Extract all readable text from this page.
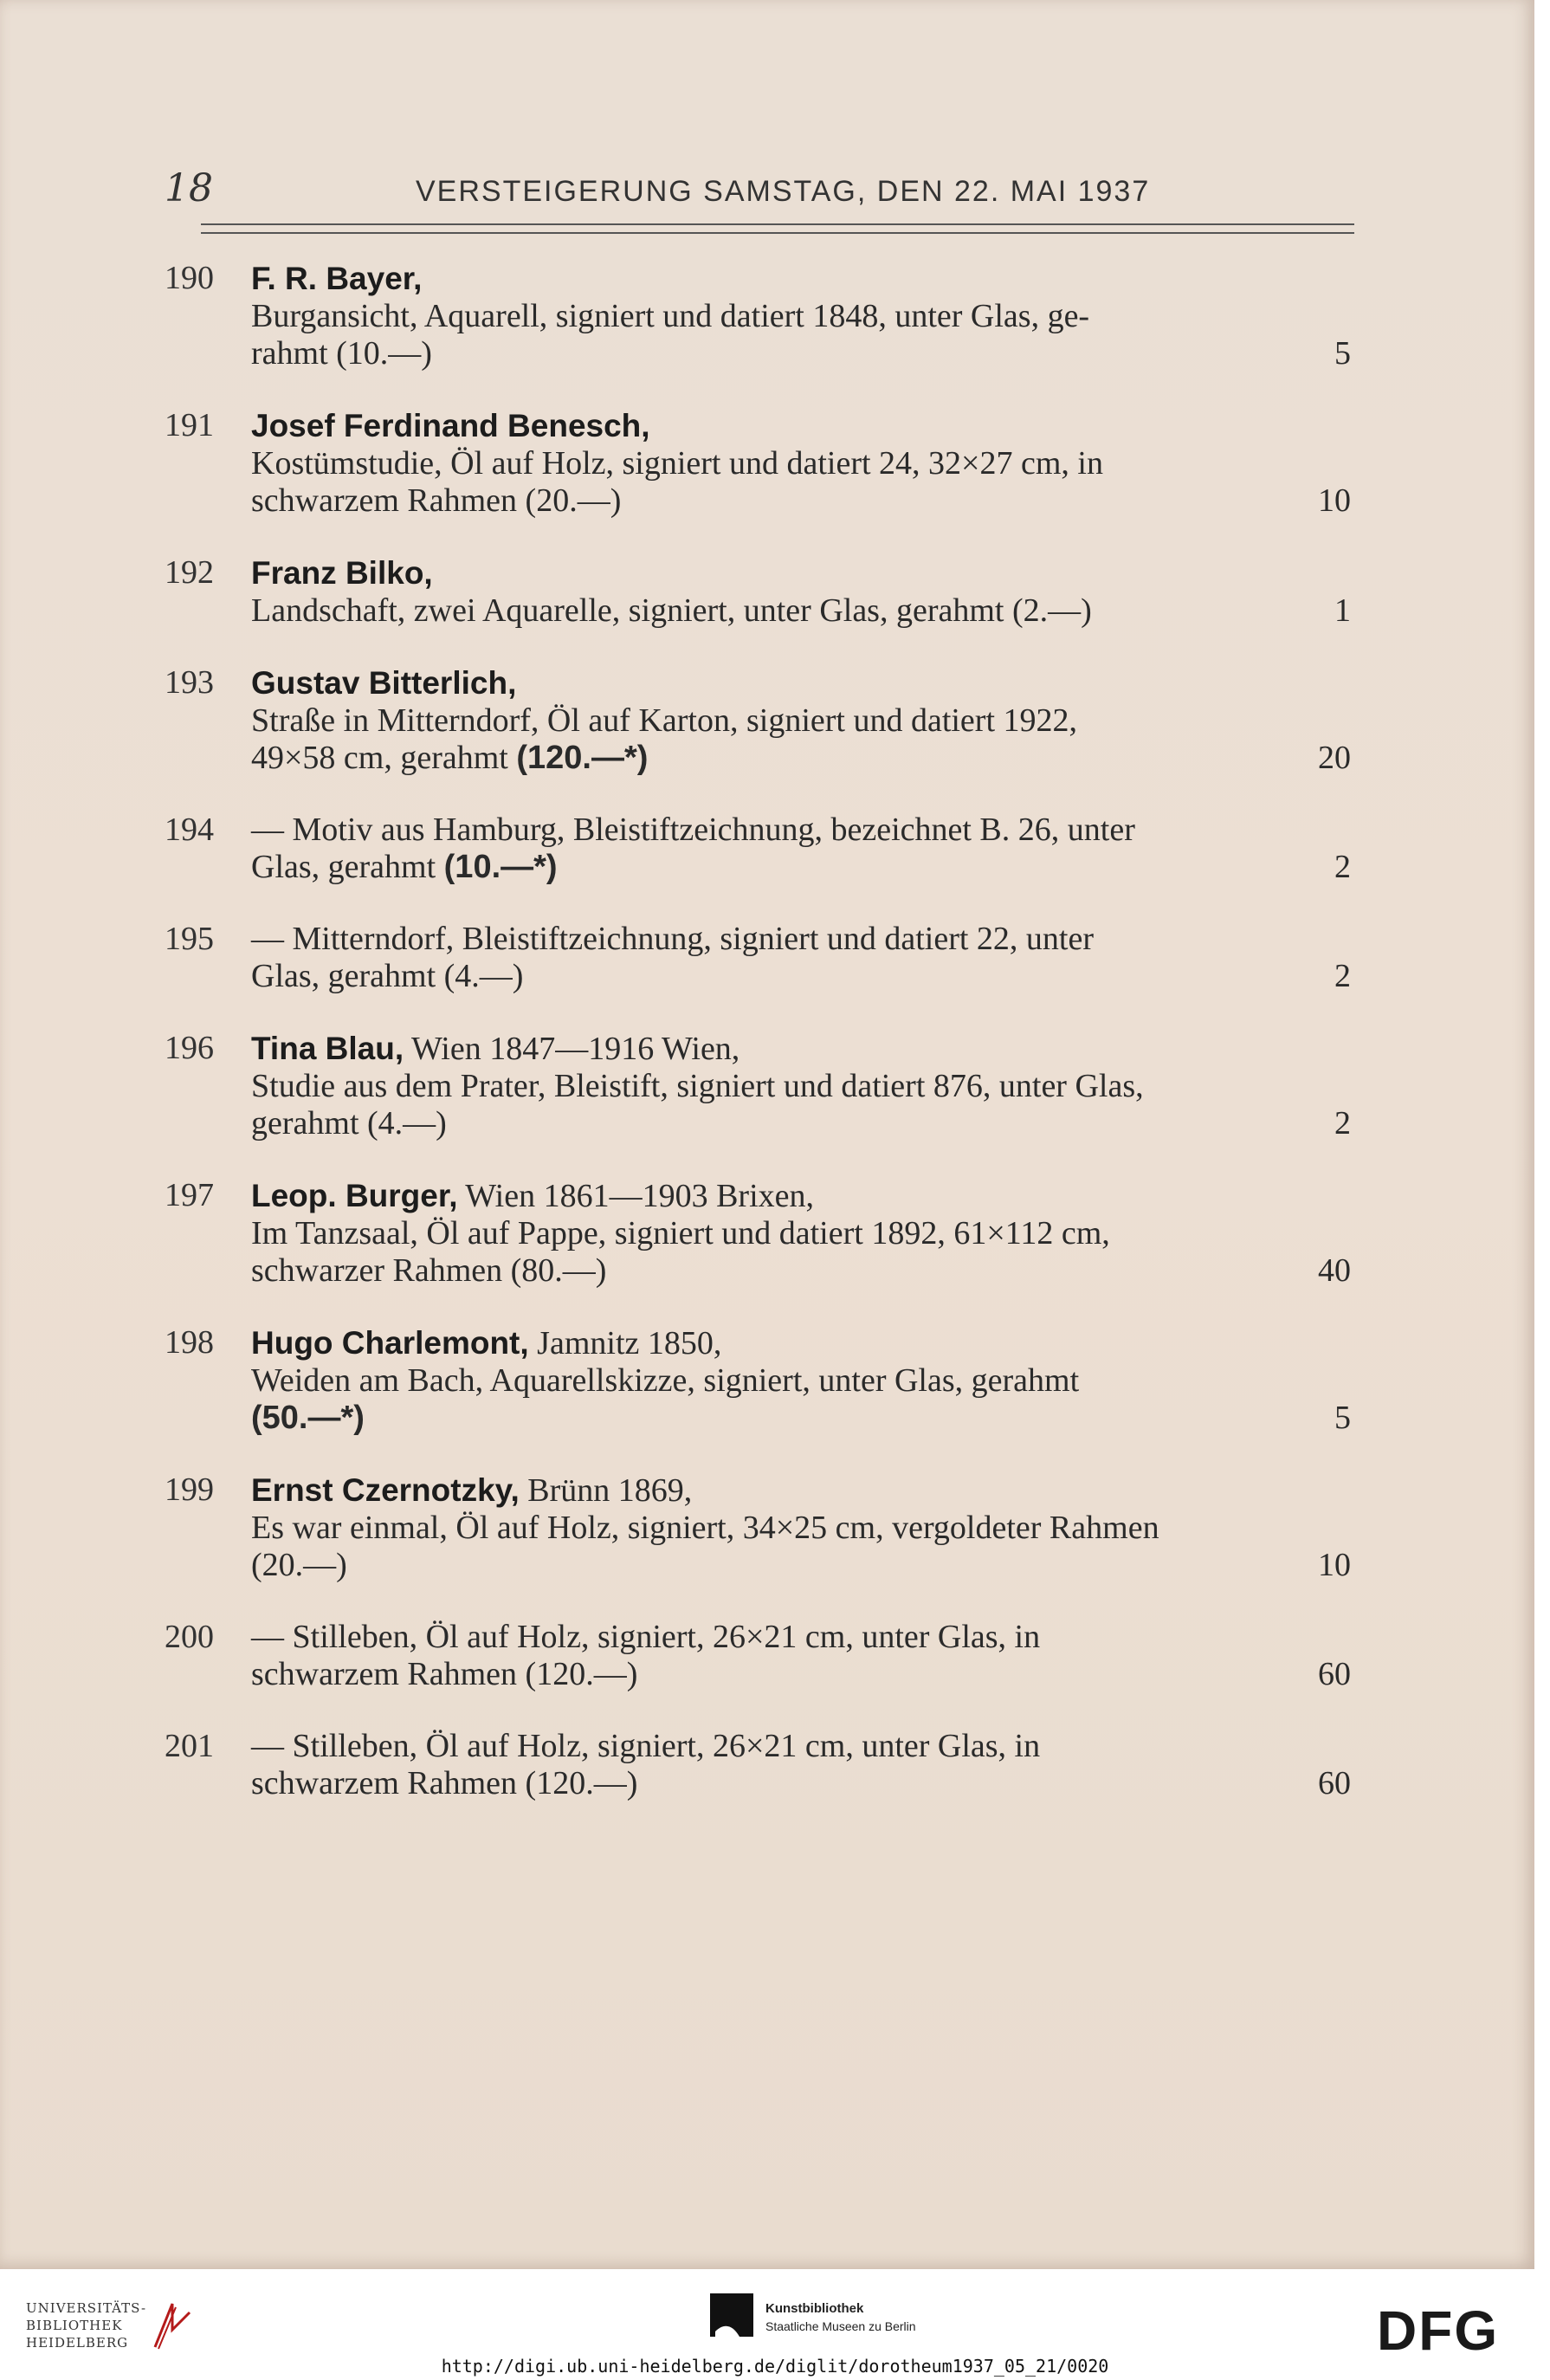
18	VERSTEIGERUNG SAMSTAG, DEN 22. MAI 1937
190	F. R. Bayer,
Burgansicht, Aquarell, signiert und datiert 1848, unter Glas, ge-
rahmt (10.—)	5
191	Josef Ferdinand Benesch,
Kostümstudie, Öl auf Holz, signiert und datiert 24, 32×27 cm, in
schwarzem Rahmen (20.—)	10
192	Franz Bilko,
Landschaft, zwei Aquarelle, signiert, unter Glas, gerahmt (2.—)	1
193	Gustav Bitterlich,
Straße in Mitterndorf, Öl auf Karton, signiert und datiert 1922,
49×58 cm, gerahmt (120.—*)	20
194	— Motiv aus Hamburg, Bleistiftzeichnung, bezeichnet B. 26, unter
Glas, gerahmt (10.—*)	2
195	— Mitterndorf, Bleistiftzeichnung, signiert und datiert 22, unter
Glas, gerahmt (4.—)	2
196	Tina Blau, Wien 1847—1916 Wien,
Studie aus dem Prater, Bleistift, signiert und datiert 876, unter Glas,
gerahmt (4.—)	2
197	Leop. Burger, Wien 1861—1903 Brixen,
Im Tanzsaal, Öl auf Pappe, signiert und datiert 1892, 61×112 cm,
schwarzer Rahmen (80.—)	40
198	Hugo Charlemont, Jamnitz 1850,
Weiden am Bach, Aquarellskizze, signiert, unter Glas, gerahmt
(50.—*)	5
199	Ernst Czernotzky, Brünn 1869,
Es war einmal, Öl auf Holz, signiert, 34×25 cm, vergoldeter Rahmen
(20.—)	10
200	— Stilleben, Öl auf Holz, signiert, 26×21 cm, unter Glas, in
schwarzem Rahmen (120.—)	60
201	— Stilleben, Öl auf Holz, signiert, 26×21 cm, unter Glas, in
schwarzem Rahmen (120.—)	60
UNIVERSITÄTS-
BIBLIOTHEK
HEIDELBERG
Kunstbibliothek
Staatliche Museen zu Berlin	DFG
http://digi.ub.uni-heidelberg.de/diglit/dorotheum1937_05_21/0020
